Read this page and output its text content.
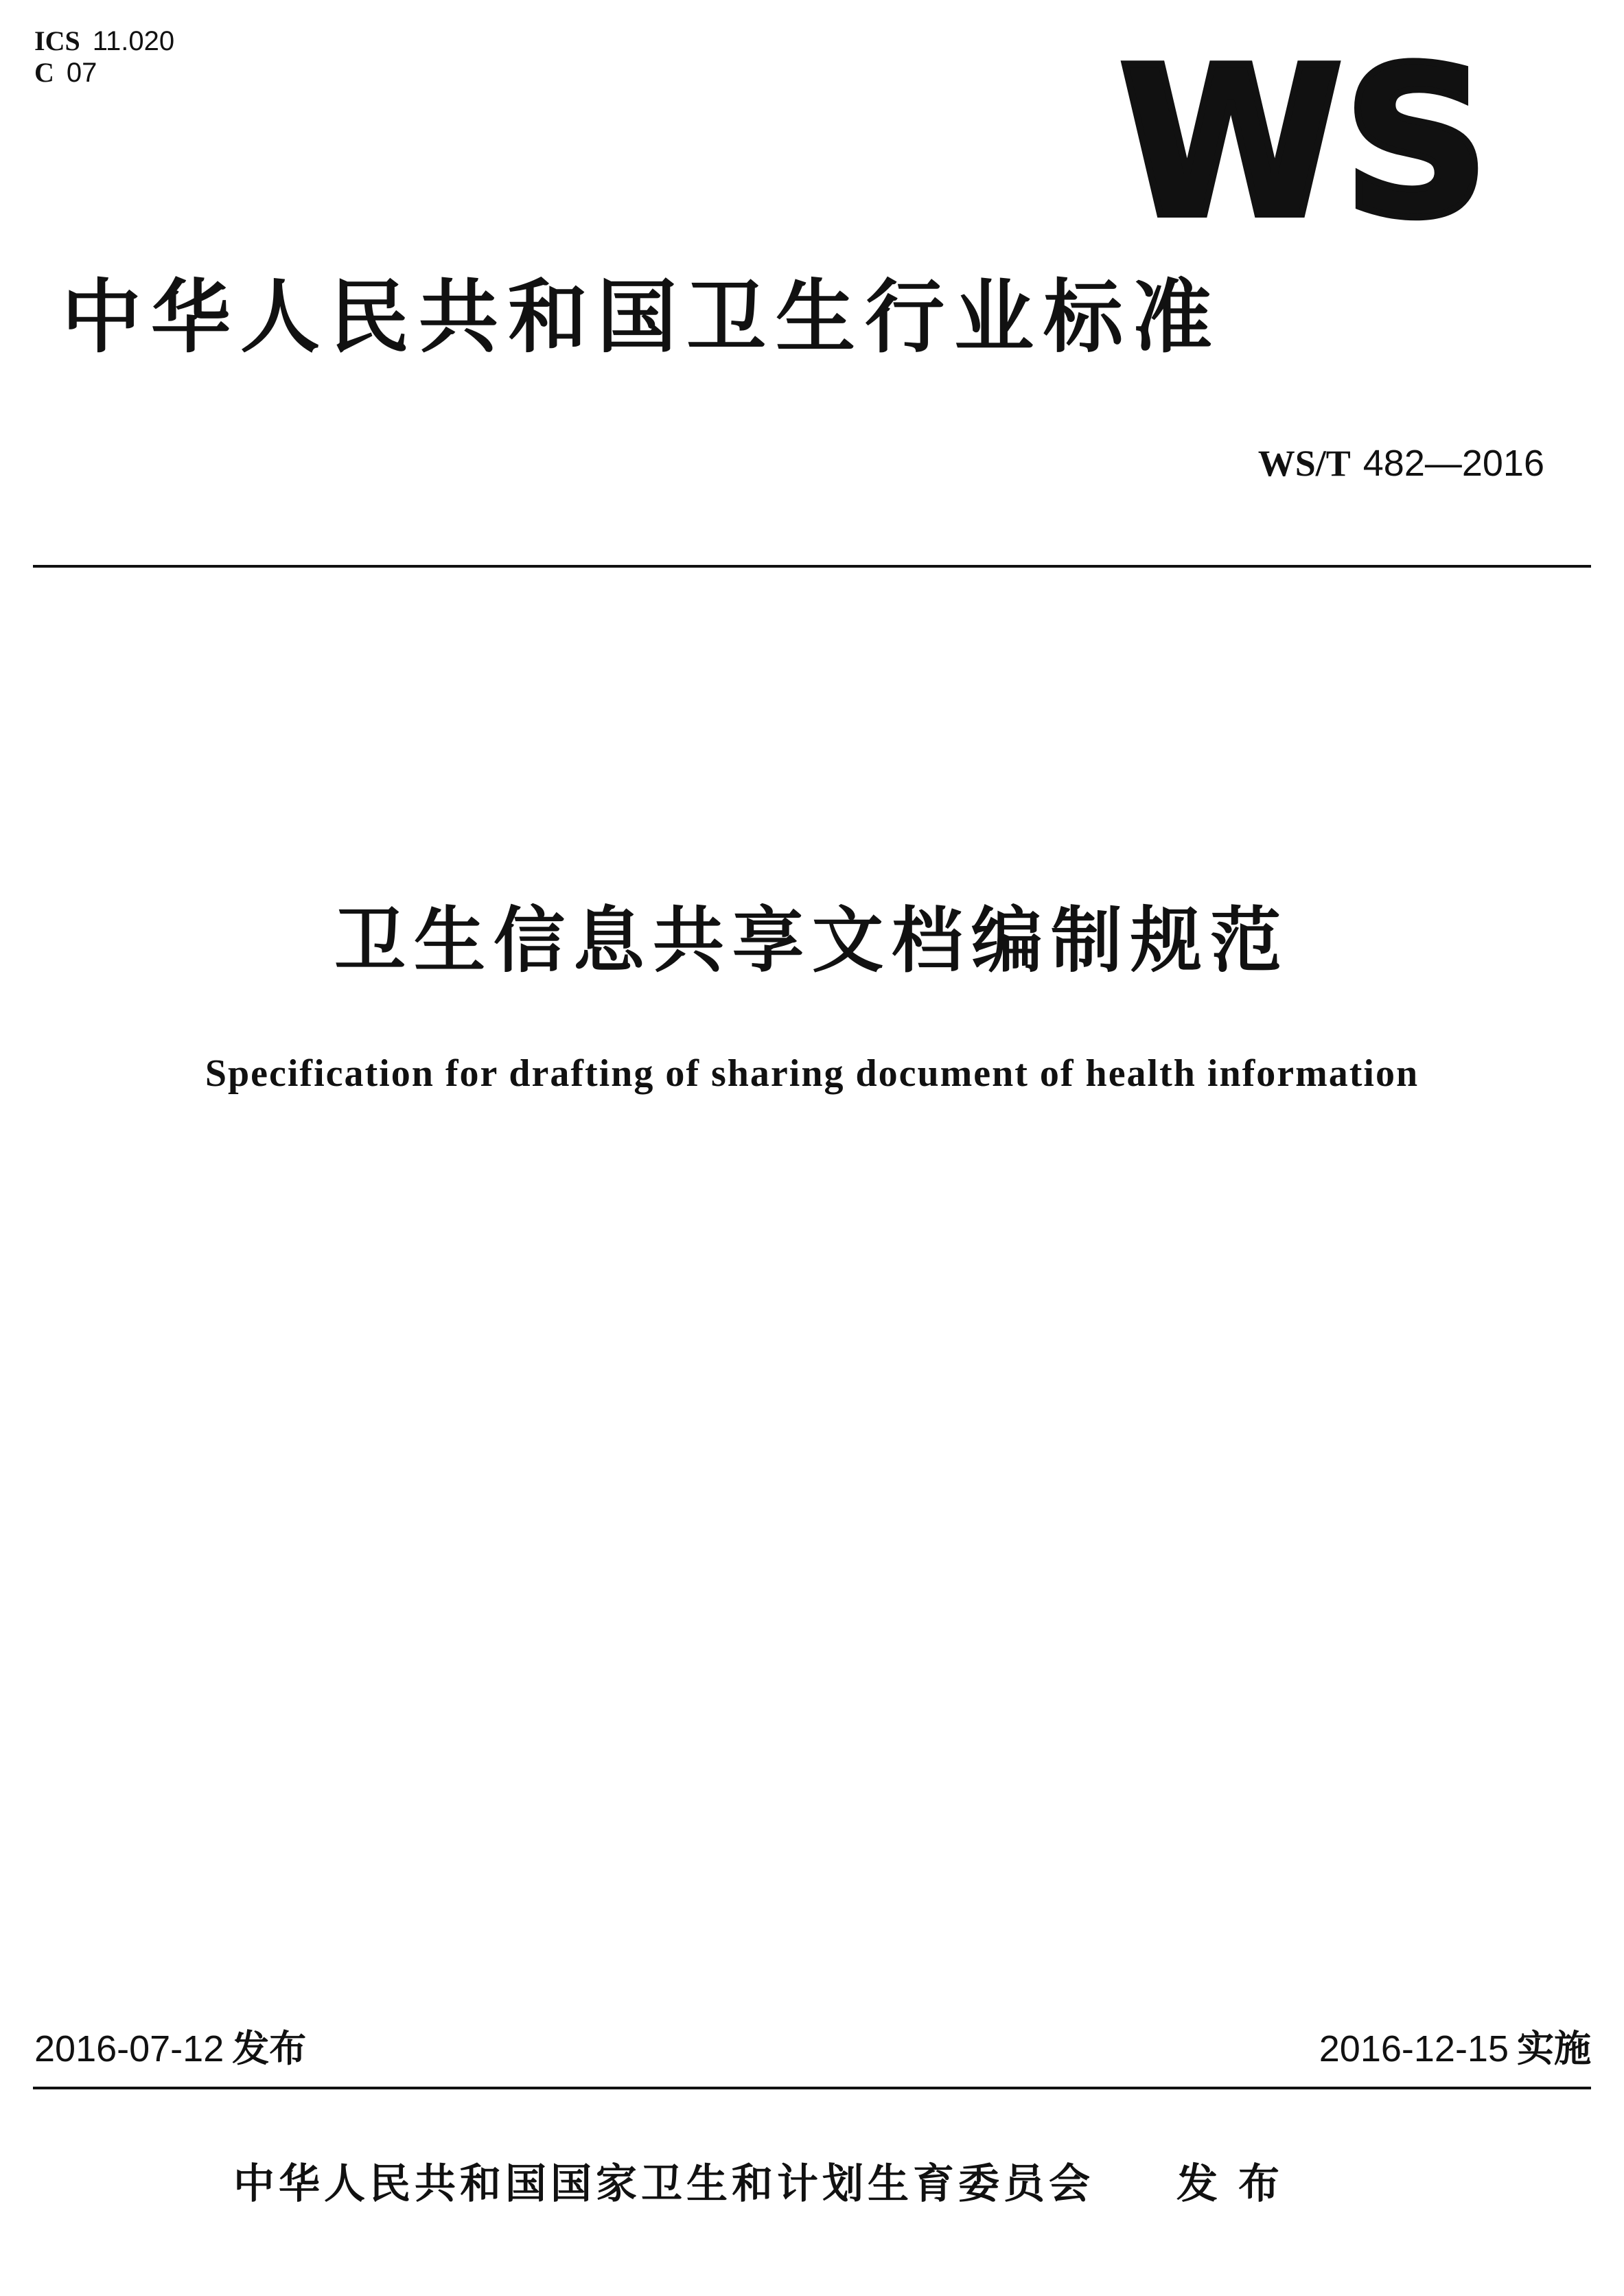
ICS 11.020
C 07	WS
中华人民共和国卫生行业标准
WS/T 482—2016
卫生信息共享文档编制规范
Specification for drafting of sharing document of health information
2016-07-12 发布	2016-12-15 实施
中华人民共和国国家卫生和计划生育委员会 发布
